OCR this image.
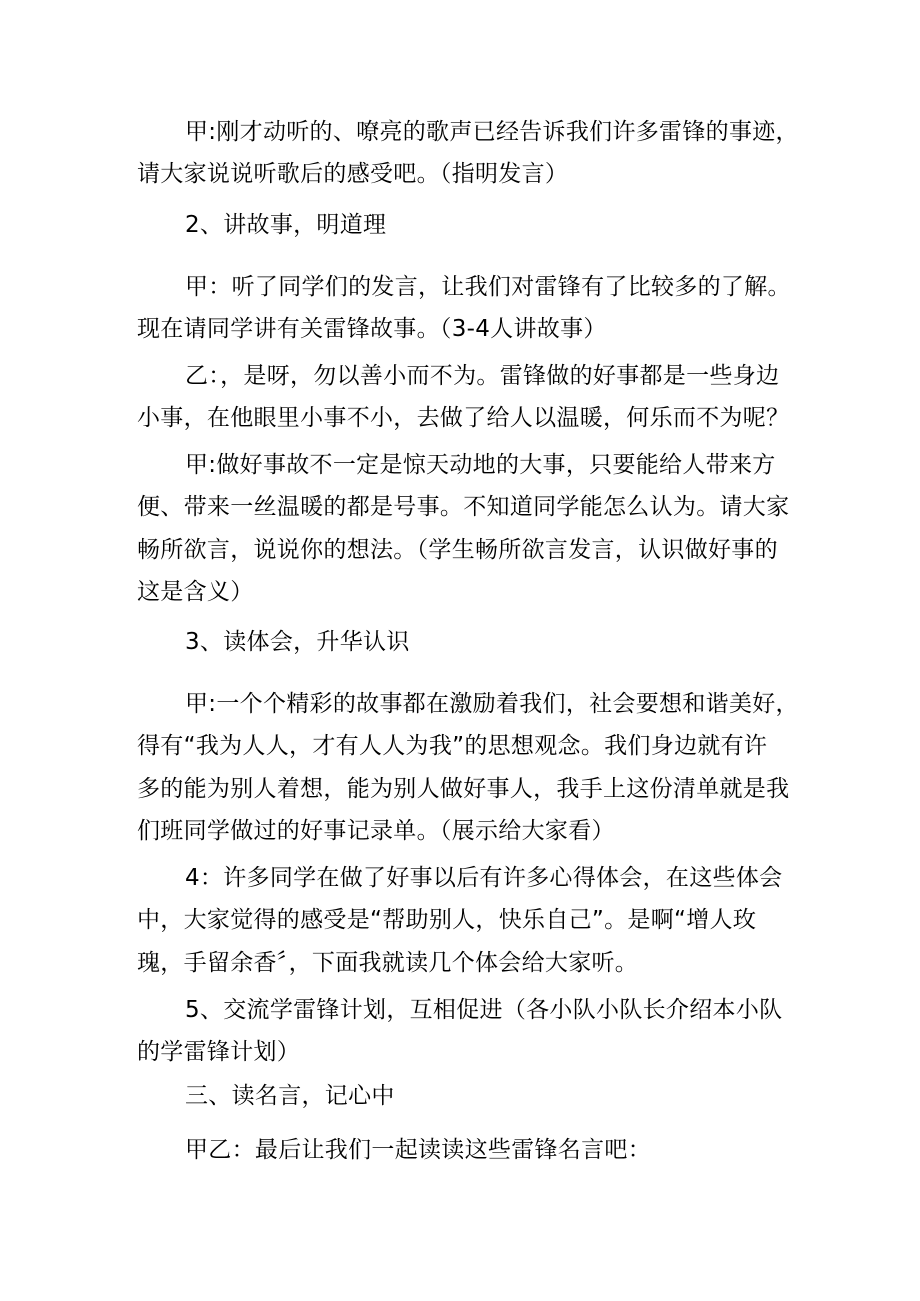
甲:刚才动听的、嘹亮的歌声已经告诉我们许多雷锋的事迹，
请大家说说听歌后的感受吧。（指明发言）
2、讲故事，明道理
甲：听了同学们的发言，让我们对雷锋有了比较多的了解。
现在请同学讲有关雷锋故事。（3-4人讲故事）
乙：，是呀，勿以善小而不为。雷锋做的好事都是一些身边
小事，在他眼里小事不小，去做了给人以温暖，何乐而不为呢？
甲:做好事故不一定是惊天动地的大事，只要能给人带来方
便、带来一丝温暖的都是号事。不知道同学能怎么认为。请大家
畅所欲言，说说你的想法。（学生畅所欲言发言，认识做好事的
这是含义）
3、读体会，升华认识
甲:一个个精彩的故事都在激励着我们，社会要想和谐美好，
得有“我为人人，才有人人为我”的思想观念。我们身边就有许
多的能为别人着想，能为别人做好事人，我手上这份清单就是我
们班同学做过的好事记录单。（展示给大家看）
4：许多同学在做了好事以后有许多心得体会，在这些体会
中，大家觉得的感受是“帮助别人，快乐自己”。是啊“增人玫
瑰，手留余香〞，下面我就读几个体会给大家听。
5、交流学雷锋计划，互相促进（各小队小队长介绍本小队
的学雷锋计划）
三、读名言，记心中
甲乙：最后让我们一起读读这些雷锋名言吧：
